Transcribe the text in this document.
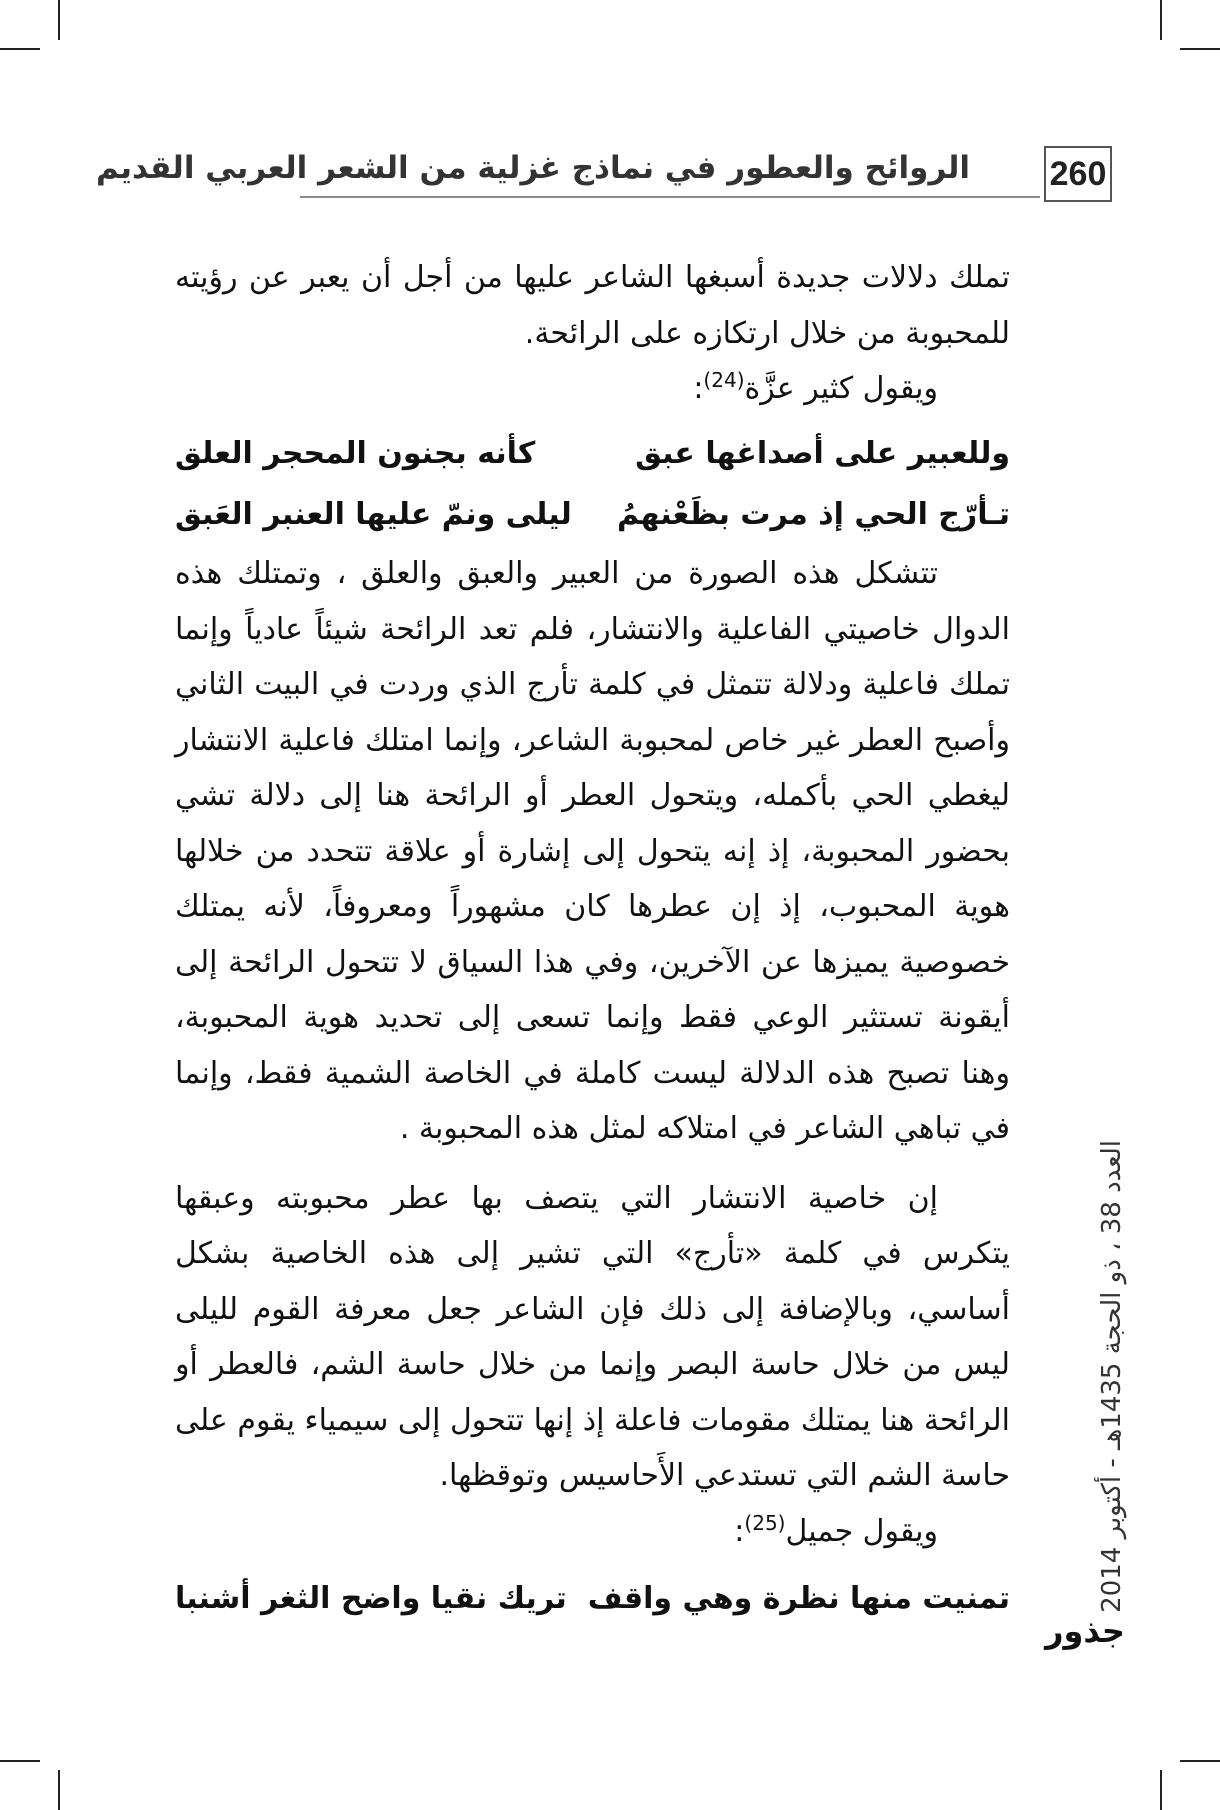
260
الروائح والعطور في نماذج غزلية من الشعر العربي القديم

تملك دلالات جديدة أسبغها الشاعر عليها من أجل أن يعبر عن رؤيته للمحبوبة من خلال ارتكازه على الرائحة.

ويقول كثير عزَّة$^{(24)}$:

وللعبير على أصداغها عبق
كأنه بجنون المحجر العلق
تـأرّج الحي إذ مرت بظَعْنهمُ
ليلى ونمّ عليها العنبر العَبق

تتشكل هذه الصورة من العبير والعبق والعلق ، وتمتلك هذه الدوال خاصيتي الفاعلية والانتشار، فلم تعد الرائحة شيئاً عادياً وإنما تملك فاعلية ودلالة تتمثل في كلمة تأرج الذي وردت في البيت الثاني وأصبح العطر غير خاص لمحبوبة الشاعر، وإنما امتلك فاعلية الانتشار ليغطي الحي بأكمله، ويتحول العطر أو الرائحة هنا إلى دلالة تشي بحضور المحبوبة، إذ إنه يتحول إلى إشارة أو علاقة تتحدد من خلالها هوية المحبوب، إذ إن عطرها كان مشهوراً ومعروفاً، لأنه يمتلك خصوصية يميزها عن الآخرين، وفي هذا السياق لا تتحول الرائحة إلى أيقونة تستثير الوعي فقط وإنما تسعى إلى تحديد هوية المحبوبة، وهنا تصبح هذه الدلالة ليست كاملة في الخاصة الشمية فقط، وإنما في تباهي الشاعر في امتلاكه لمثل هذه المحبوبة .

إن خاصية الانتشار التي يتصف بها عطر محبوبته وعبقها يتكرس في كلمة «تأرج» التي تشير إلى هذه الخاصية بشكل أساسي، وبالإضافة إلى ذلك فإن الشاعر جعل معرفة القوم لليلى ليس من خلال حاسة البصر وإنما من خلال حاسة الشم، فالعطر أو الرائحة هنا يمتلك مقومات فاعلة إذ إنها تتحول إلى سيمياء يقوم على حاسة الشم التي تستدعي الأَحاسيس وتوقظها.

ويقول جميل$^{(25)}$:

تمنيت منها نظرة وهي واقف
تريك نقيا واضح الثغر أشنبا	العدد 38 ، ذو الحجة 1435هـ - أكتوبر 2014
جذور
